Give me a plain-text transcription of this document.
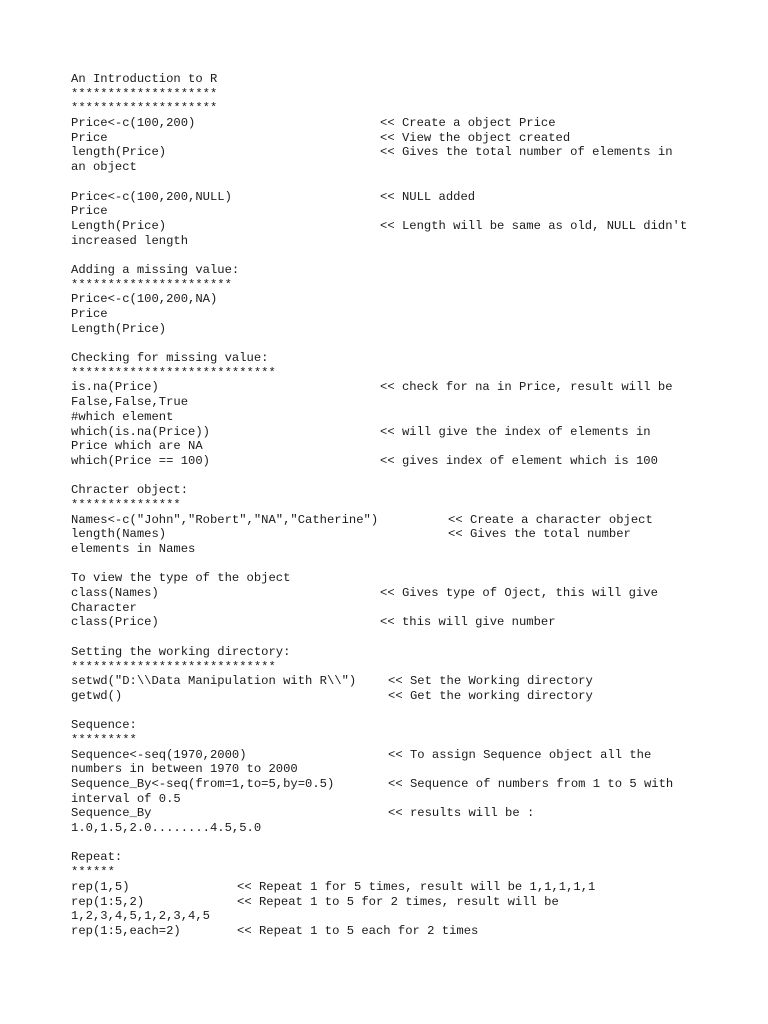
An Introduction to R
********************
********************
Price<-c(100,200)	<< Create a object Price
Price	<< View the object created
length(Price)	<< Gives the total number of elements in
an object
Price<-c(100,200,NULL)	<< NULL added
Price
Length(Price)	<< Length will be same as old, NULL didn't
increased length
Adding a missing value:
**********************
Price<-c(100,200,NA)
Price
Length(Price)
Checking for missing value:
****************************
is.na(Price)	<< check for na in Price, result will be
False,False,True
#which element
which(is.na(Price))	<< will give the index of elements in
Price which are NA
which(Price == 100)	<< gives index of element which is 100
Chracter object:
***************
Names<-c("John","Robert","NA","Catherine")	<< Create a character object
length(Names)	<< Gives the total number
elements in Names
To view the type of the object
class(Names)	<< Gives type of Oject, this will give
Character
class(Price)	<< this will give number
Setting the working directory:
****************************
setwd("D:\\Data Manipulation with R\\")	<< Set the Working directory
getwd()	<< Get the working directory
Sequence:
*********
Sequence<-seq(1970,2000)	<< To assign Sequence object all the
numbers in between 1970 to 2000
Sequence_By<-seq(from=1,to=5,by=0.5)	<< Sequence of numbers from 1 to 5 with
interval of 0.5
Sequence_By	<< results will be :
1.0,1.5,2.0........4.5,5.0
Repeat:
******
rep(1,5)	<< Repeat 1 for 5 times, result will be 1,1,1,1,1
rep(1:5,2)	<< Repeat 1 to 5 for 2 times, result will be
1,2,3,4,5,1,2,3,4,5
rep(1:5,each=2)	<< Repeat 1 to 5 each for 2 times
